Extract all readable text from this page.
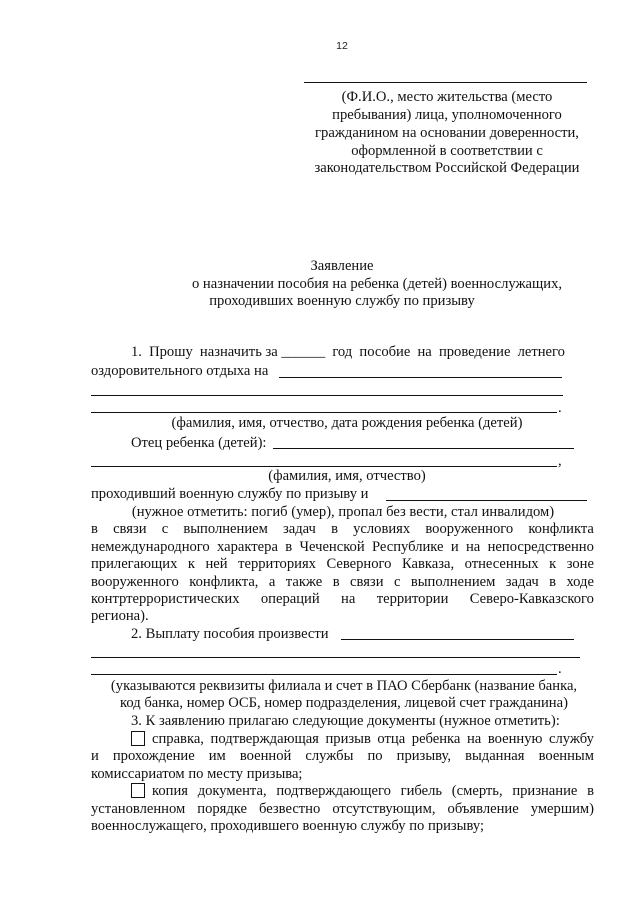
12
(Ф.И.О., место жительства (место
пребывания) лица, уполномоченного
гражданином на основании доверенности,
оформленной в соответствии с
законодательством Российской Федерации
Заявление
о назначении пособия на ребенка (детей) военнослужащих,
проходивших военную службу по призыву
1. Прошу назначить за ______ год пособие на проведение летнего
оздоровительного отдыха на
.
(фамилия, имя, отчество, дата рождения ребенка (детей)
Отец ребенка (детей):
,
(фамилия, имя, отчество)
проходивший военную службу по призыву и
(нужное отметить: погиб (умер), пропал без вести, стал инвалидом)
в связи с выполнением задач в условиях вооруженного конфликта
немеждународного характера в Чеченской Республике и на непосредственно
прилегающих к ней территориях Северного Кавказа, отнесенных к зоне
вооруженного конфликта, а также в связи с выполнением задач в ходе
контртеррористических операций на территории Северо-Кавказского
региона).
2. Выплату пособия произвести
.
(указываются реквизиты филиала и счет в ПАО Сбербанк (название банка,
код банка, номер ОСБ, номер подразделения, лицевой счет гражданина)
3. К заявлению прилагаю следующие документы (нужное отметить):
справка, подтверждающая призыв отца ребенка на военную службу
и прохождение им военной службы по призыву, выданная военным
комиссариатом по месту призыва;
копия документа, подтверждающего гибель (смерть, признание в
установленном порядке безвестно отсутствующим, объявление умершим)
военнослужащего, проходившего военную службу по призыву;
